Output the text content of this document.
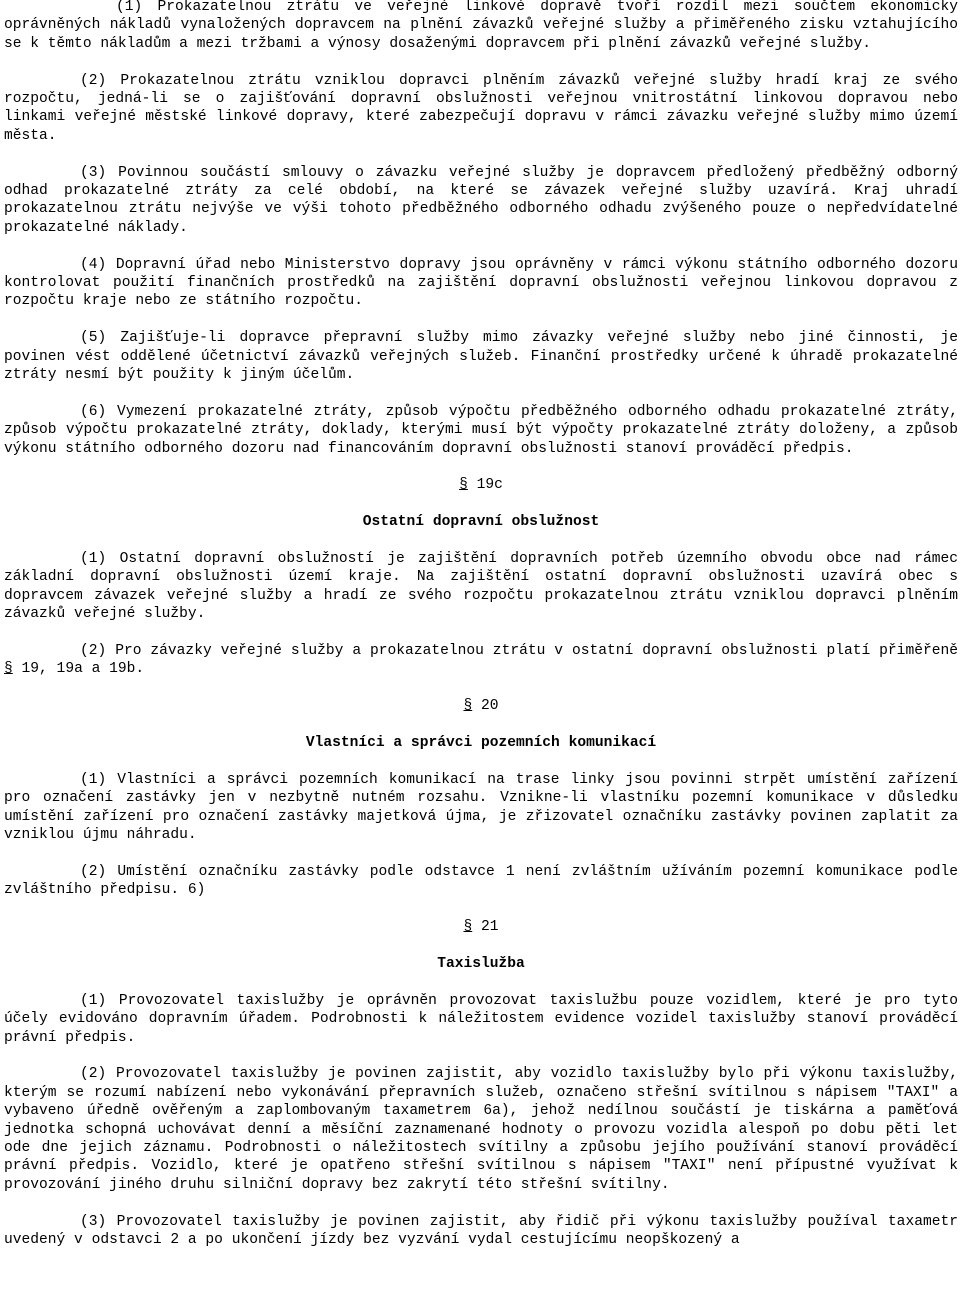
(1) Prokazatelnou ztrátu ve veřejné linkové dopravě tvoří rozdíl mezi součtem ekonomicky oprávněných nákladů vynaložených dopravcem na plnění závazků veřejné služby a přiměřeného zisku vztahujícího se k těmto nákladům a mezi tržbami a výnosy dosaženými dopravcem při plnění závazků veřejné služby.

(2) Prokazatelnou ztrátu vzniklou dopravci plněním závazků veřejné služby hradí kraj ze svého rozpočtu, jedná-li se o zajišťování dopravní obslužnosti veřejnou vnitrostátní linkovou dopravou nebo linkami veřejné městské linkové dopravy, které zabezpečují dopravu v rámci závazku veřejné služby mimo území města.

(3) Povinnou součástí smlouvy o závazku veřejné služby je dopravcem předložený předběžný odborný odhad prokazatelné ztráty za celé období, na které se závazek veřejné služby uzavírá. Kraj uhradí prokazatelnou ztrátu nejvýše ve výši tohoto předběžného odborného odhadu zvýšeného pouze o nepředvídatelné prokazatelné náklady.

(4) Dopravní úřad nebo Ministerstvo dopravy jsou oprávněny v rámci výkonu státního odborného dozoru kontrolovat použití finančních prostředků na zajištění dopravní obslužnosti veřejnou linkovou dopravou z rozpočtu kraje nebo ze státního rozpočtu.

(5) Zajišťuje-li dopravce přepravní služby mimo závazky veřejné služby nebo jiné činnosti, je povinen vést oddělené účetnictví závazků veřejných služeb. Finanční prostředky určené k úhradě prokazatelné ztráty nesmí být použity k jiným účelům.

(6) Vymezení prokazatelné ztráty, způsob výpočtu předběžného odborného odhadu prokazatelné ztráty, způsob výpočtu prokazatelné ztráty, doklady, kterými musí být výpočty prokazatelné ztráty doloženy, a způsob výkonu státního odborného dozoru nad financováním dopravní obslužnosti stanoví prováděcí předpis.

§ 19c
Ostatní dopravní obslužnost

(1) Ostatní dopravní obslužností je zajištění dopravních potřeb územního obvodu obce nad rámec základní dopravní obslužnosti území kraje. Na zajištění ostatní dopravní obslužnosti uzavírá obec s dopravcem závazek veřejné služby a hradí ze svého rozpočtu prokazatelnou ztrátu vzniklou dopravci plněním závazků veřejné služby.

(2) Pro závazky veřejné služby a prokazatelnou ztrátu v ostatní dopravní obslužnosti platí přiměřeně § 19, 19a a 19b.

§ 20
Vlastníci a správci pozemních komunikací

(1) Vlastníci a správci pozemních komunikací na trase linky jsou povinni strpět umístění zařízení pro označení zastávky jen v nezbytně nutném rozsahu. Vznikne-li vlastníku pozemní komunikace v důsledku umístění zařízení pro označení zastávky majetková újma, je zřizovatel označníku zastávky povinen zaplatit za vzniklou újmu náhradu.

(2) Umístění označníku zastávky podle odstavce 1 není zvláštním užíváním pozemní komunikace podle zvláštního předpisu. 6)

§ 21
Taxislužba

(1) Provozovatel taxislužby je oprávněn provozovat taxislužbu pouze vozidlem, které je pro tyto účely evidováno dopravním úřadem. Podrobnosti k náležitostem evidence vozidel taxislužby stanoví prováděcí právní předpis.

(2) Provozovatel taxislužby je povinen zajistit, aby vozidlo taxislužby bylo při výkonu taxislužby, kterým se rozumí nabízení nebo vykonávání přepravních služeb, označeno střešní svítilnou s nápisem "TAXI" a vybaveno úředně ověřeným a zaplombovaným taxametrem 6a), jehož nedílnou součástí je tiskárna a paměťová jednotka schopná uchovávat denní a měsíční zaznamenané hodnoty o provozu vozidla alespoň po dobu pěti let ode dne jejich záznamu. Podrobnosti o náležitostech svítilny a způsobu jejího používání stanoví prováděcí právní předpis. Vozidlo, které je opatřeno střešní svítilnou s nápisem "TAXI" není přípustné využívat k provozování jiného druhu silniční dopravy bez zakrytí této střešní svítilny.

(3) Provozovatel taxislužby je povinen zajistit, aby řidič při výkonu taxislužby používal taxametr uvedený v odstavci 2 a po ukončení jízdy bez vyzvání vydal cestujícímu neopškozený a
